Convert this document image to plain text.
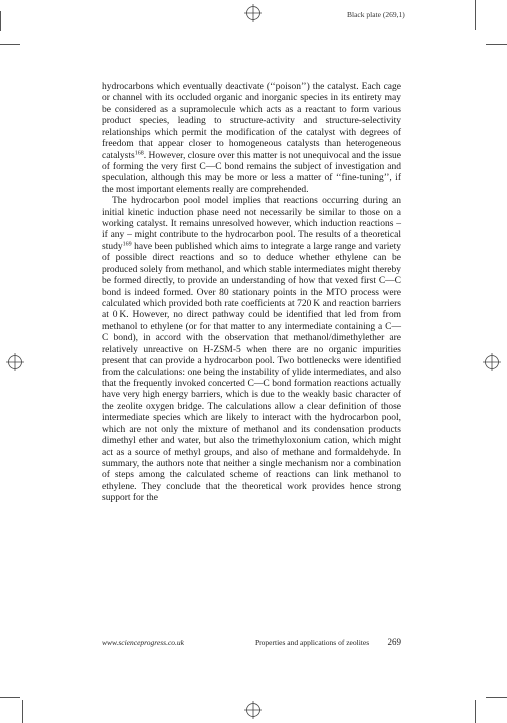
Black plate (269,1)

hydrocarbons which eventually deactivate (‘‘poison’’) the catalyst. Each cage or channel with its occluded organic and inorganic species in its entirety may be considered as a supramolecule which acts as a reactant to form various product species, leading to structure-activity and structure-selectivity relationships which permit the modification of the catalyst with degrees of freedom that appear closer to homogeneous catalysts than heterogeneous catalysts$^{168}$. However, closure over this matter is not unequivocal and the issue of forming the very first C—C bond remains the subject of investigation and speculation, although this may be more or less a matter of ‘‘fine-tuning’’, if the most important elements really are comprehended.

The hydrocarbon pool model implies that reactions occurring during an initial kinetic induction phase need not necessarily be similar to those on a working catalyst. It remains unresolved however, which induction reactions – if any – might contribute to the hydrocarbon pool. The results of a theoretical study$^{169}$ have been published which aims to integrate a large range and variety of possible direct reactions and so to deduce whether ethylene can be produced solely from methanol, and which stable intermediates might thereby be formed directly, to provide an understanding of how that vexed first C—C bond is indeed formed. Over 80 stationary points in the MTO process were calculated which provided both rate coefficients at 720 K and reaction barriers at 0 K. However, no direct pathway could be identified that led from from methanol to ethylene (or for that matter to any intermediate containing a C—C bond), in accord with the observation that methanol/dimethylether are relatively unreactive on H-ZSM-5 when there are no organic impurities present that can provide a hydrocarbon pool. Two bottlenecks were identified from the calculations: one being the instability of ylide intermediates, and also that the frequently invoked concerted C—C bond formation reactions actually have very high energy barriers, which is due to the weakly basic character of the zeolite oxygen bridge. The calculations allow a clear definition of those intermediate species which are likely to interact with the hydrocarbon pool, which are not only the mixture of methanol and its condensation products dimethyl ether and water, but also the trimethyloxonium cation, which might act as a source of methyl groups, and also of methane and formaldehyde. In summary, the authors note that neither a single mechanism nor a combination of steps among the calculated scheme of reactions can link methanol to ethylene. They conclude that the theoretical work provides hence strong support for the

www.scienceprogress.co.uk	Properties and applications of zeolites 269
